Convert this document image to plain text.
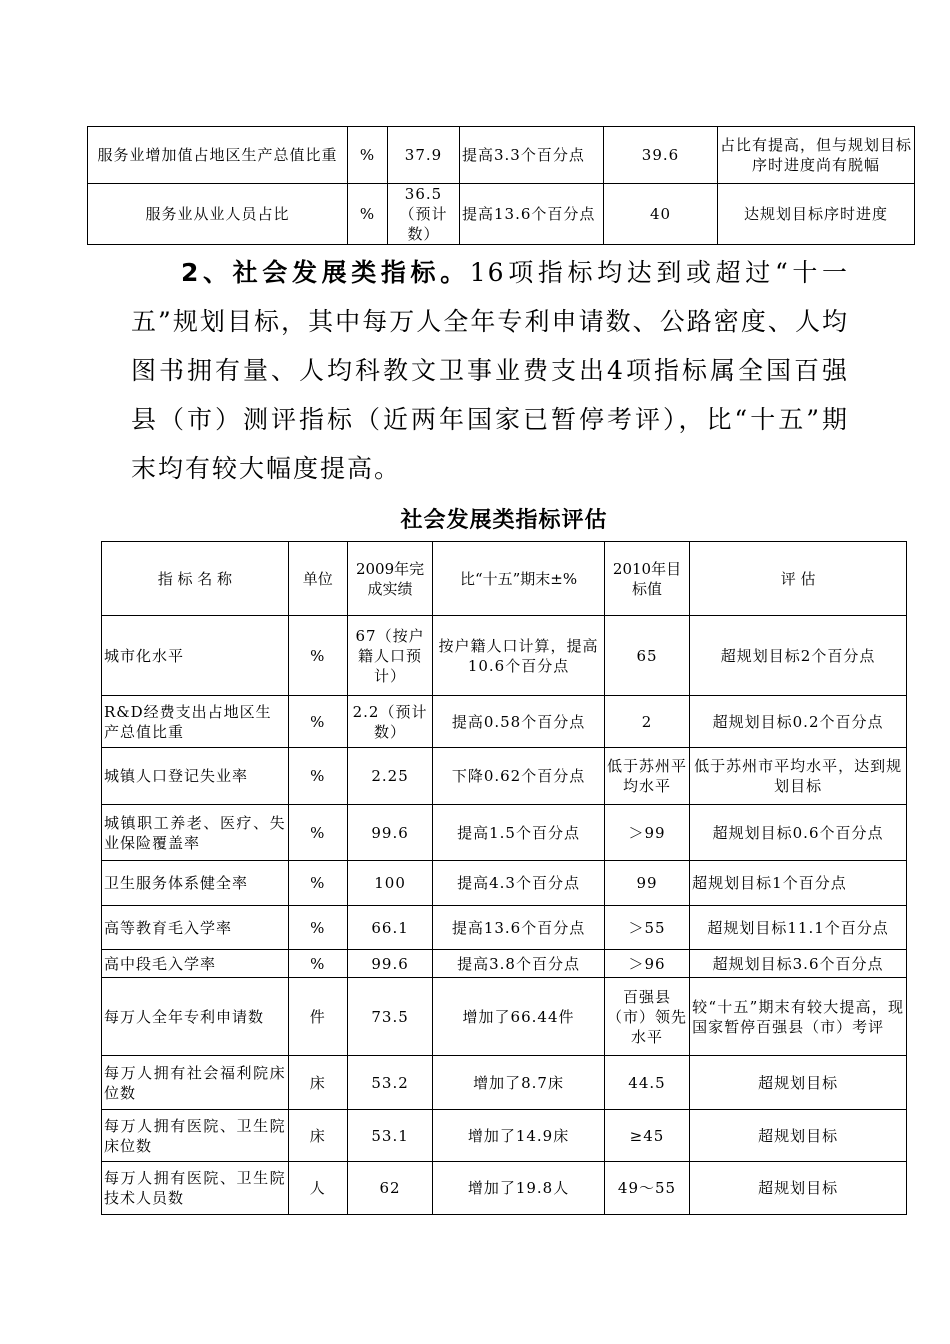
服务业增加值占地区生产总值比重	%	37.9	提高3.3个百分点	39.6	占比有提高，但与规划目标序时进度尚有脱幅
服务业从业人员占比	%	36.5（预计数）	提高13.6个百分点	40	达规划目标序时进度

2、社会发展类指标。16项指标均达到或超过“十一五”规划目标，其中每万人全年专利申请数、公路密度、人均图书拥有量、人均科教文卫事业费支出4项指标属全国百强县（市）测评指标（近两年国家已暂停考评），比“十五”期末均有较大幅度提高。

社会发展类指标评估

指 标 名 称	单位	2009年完成实绩	比“十五”期末±%	2010年目标值	评 估
城市化水平	%	67（按户籍人口预计）	按户籍人口计算，提高10.6个百分点	65	超规划目标2个百分点
R&D经费支出占地区生产总值比重	%	2.2（预计数）	提高0.58个百分点	2	超规划目标0.2个百分点
城镇人口登记失业率	%	2.25	下降0.62个百分点	低于苏州平均水平	低于苏州市平均水平，达到规划目标
城镇职工养老、医疗、失业保险覆盖率	%	99.6	提高1.5个百分点	＞99	超规划目标0.6个百分点
卫生服务体系健全率	%	100	提高4.3个百分点	99	超规划目标1个百分点
高等教育毛入学率	%	66.1	提高13.6个百分点	＞55	超规划目标11.1个百分点
高中段毛入学率	%	99.6	提高3.8个百分点	＞96	超规划目标3.6个百分点
每万人全年专利申请数	件	73.5	增加了66.44件	百强县（市）领先水平	较“十五”期末有较大提高，现国家暂停百强县（市）考评
每万人拥有社会福利院床位数	床	53.2	增加了8.7床	44.5	超规划目标
每万人拥有医院、卫生院床位数	床	53.1	增加了14.9床	≥45	超规划目标
每万人拥有医院、卫生院技术人员数	人	62	增加了19.8人	49～55	超规划目标
